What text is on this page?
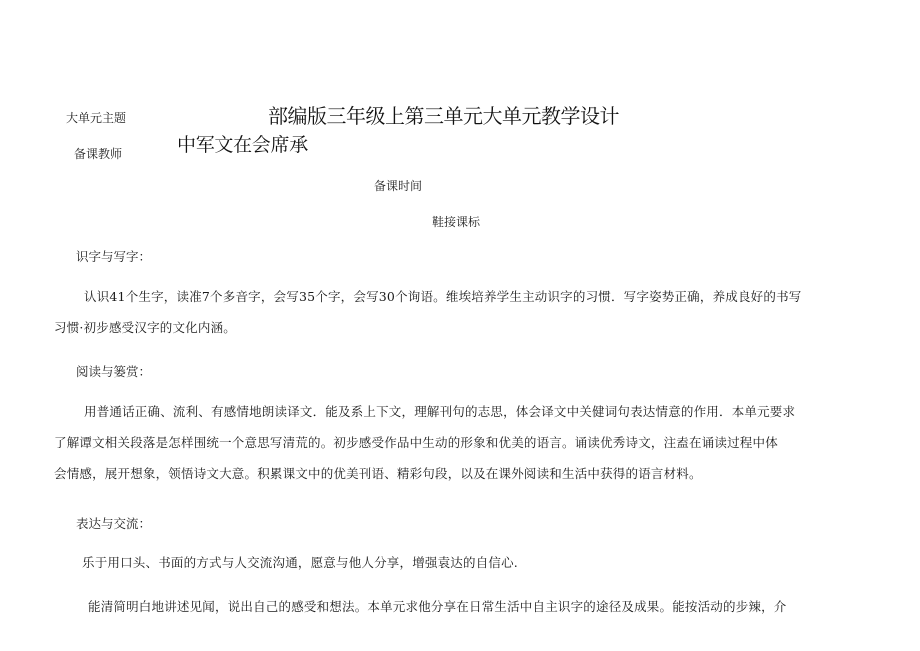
大单元主题	部编版三年级上第三单元大单元教学设计
备课教师	中军文在会席承
备课时间
鞋接课标
识字与写字：
认识41个生字，读准7个多音字，会写35个字，会写30个询语。维埃培养学生主动识字的习惯．写字姿势正确，养成良好的书写
习惯·初步感受汉字的文化内涵。
阅读与篓赏：
用普通话正确、流利、有感情地朗读译文．能及系上下文，理解刊句的志思，体会译文中关健词句表达情意的作用．本单元要求
了解谭文相关段落是怎样围统一个意思写清荒的。初步感受作品中生动的形象和优美的语言。诵读优秀诗文，注盍在诵读过程中体
会情感，展开想象，领悟诗文大意。积累课文中的优美刊语、精彩句段，以及在课外阅读和生活中获得的语言材料。
表达与交流：
乐于用口头、书面的方式与人交流沟通，愿意与他人分享，增强袁达的自信心.
能清简明白地讲述见闻，说出自己的感受和想法。本单元求他分享在日常生活中自主识字的途径及成果。能按活动的步辣，介
